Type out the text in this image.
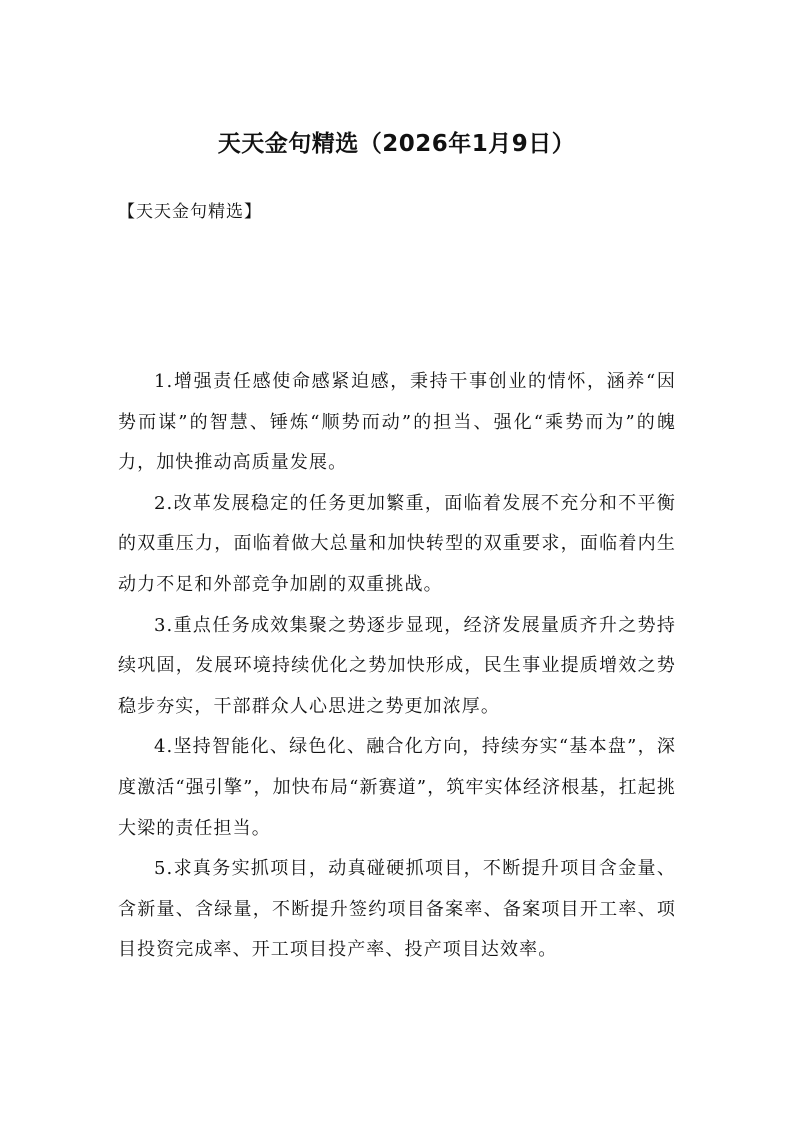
天天金句精选（2026年1月9日）
【天天金句精选】

1.增强责任感使命感紧迫感，秉持干事创业的情怀，涵养“因势而谋”的智慧、锤炼“顺势而动”的担当、强化“乘势而为”的魄力，加快推动高质量发展。

2.改革发展稳定的任务更加繁重，面临着发展不充分和不平衡的双重压力，面临着做大总量和加快转型的双重要求，面临着内生动力不足和外部竞争加剧的双重挑战。

3.重点任务成效集聚之势逐步显现，经济发展量质齐升之势持续巩固，发展环境持续优化之势加快形成，民生事业提质增效之势稳步夯实，干部群众人心思进之势更加浓厚。

4.坚持智能化、绿色化、融合化方向，持续夯实“基本盘”，深度激活“强引擎”，加快布局“新赛道”，筑牢实体经济根基，扛起挑大梁的责任担当。

5.求真务实抓项目，动真碰硬抓项目，不断提升项目含金量、含新量、含绿量，不断提升签约项目备案率、备案项目开工率、项目投资完成率、开工项目投产率、投产项目达效率。
